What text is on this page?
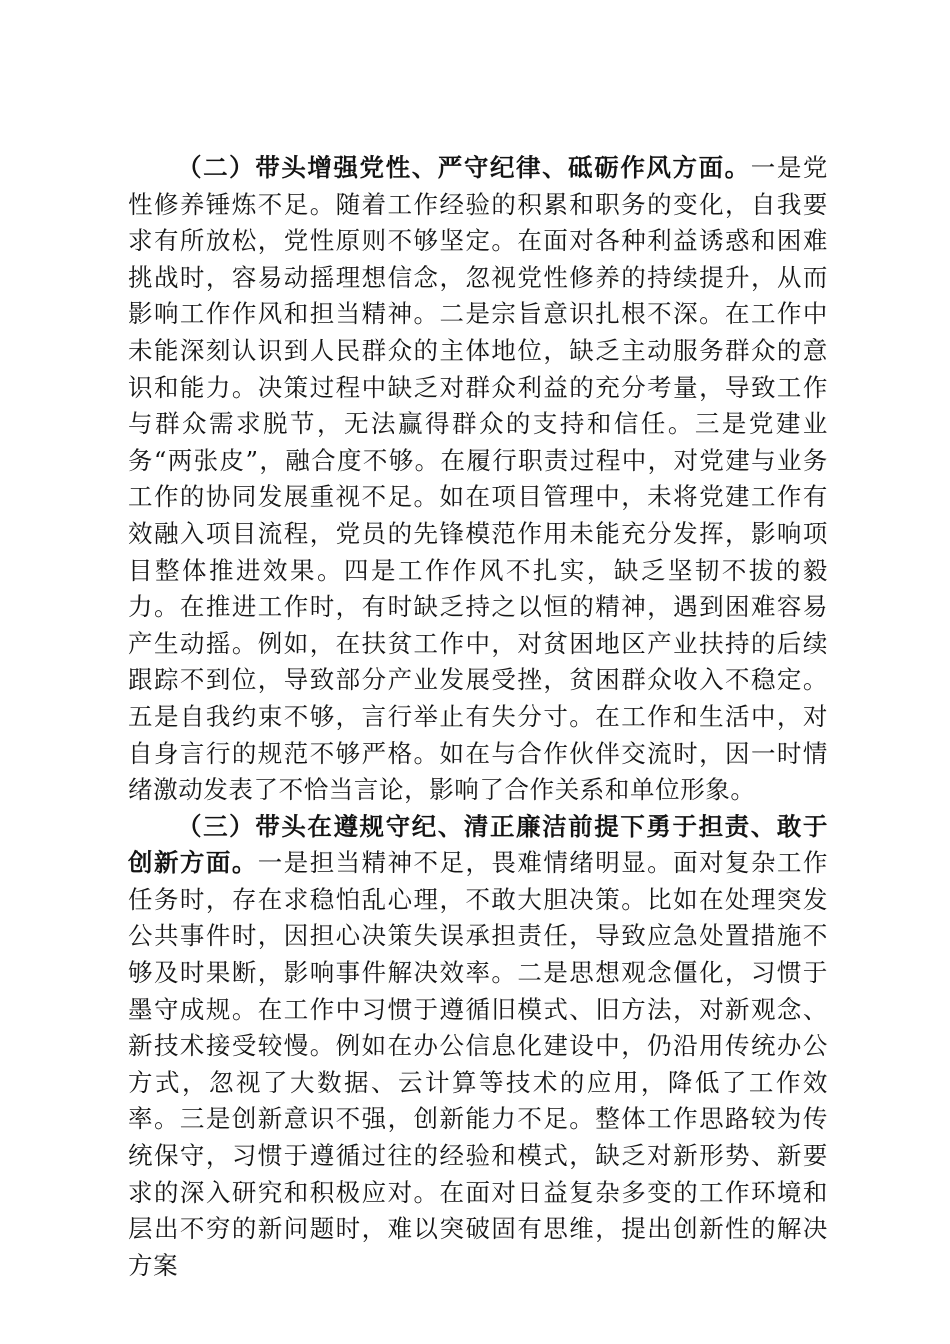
（二）带头增强党性、严守纪律、砥砺作风方面。一是党性修养锤炼不足。随着工作经验的积累和职务的变化，自我要求有所放松，党性原则不够坚定。在面对各种利益诱惑和困难挑战时，容易动摇理想信念，忽视党性修养的持续提升，从而影响工作作风和担当精神。二是宗旨意识扎根不深。在工作中未能深刻认识到人民群众的主体地位，缺乏主动服务群众的意识和能力。决策过程中缺乏对群众利益的充分考量，导致工作与群众需求脱节，无法赢得群众的支持和信任。三是党建业务“两张皮”，融合度不够。在履行职责过程中，对党建与业务工作的协同发展重视不足。如在项目管理中，未将党建工作有效融入项目流程，党员的先锋模范作用未能充分发挥，影响项目整体推进效果。四是工作作风不扎实，缺乏坚韧不拔的毅力。在推进工作时，有时缺乏持之以恒的精神，遇到困难容易产生动摇。例如，在扶贫工作中，对贫困地区产业扶持的后续跟踪不到位，导致部分产业发展受挫，贫困群众收入不稳定。五是自我约束不够，言行举止有失分寸。在工作和生活中，对自身言行的规范不够严格。如在与合作伙伴交流时，因一时情绪激动发表了不恰当言论，影响了合作关系和单位形象。

（三）带头在遵规守纪、清正廉洁前提下勇于担责、敢于创新方面。一是担当精神不足，畏难情绪明显。面对复杂工作任务时，存在求稳怕乱心理，不敢大胆决策。比如在处理突发公共事件时，因担心决策失误承担责任，导致应急处置措施不够及时果断，影响事件解决效率。二是思想观念僵化，习惯于墨守成规。在工作中习惯于遵循旧模式、旧方法，对新观念、新技术接受较慢。例如在办公信息化建设中，仍沿用传统办公方式，忽视了大数据、云计算等技术的应用，降低了工作效率。三是创新意识不强，创新能力不足。整体工作思路较为传统保守，习惯于遵循过往的经验和模式，缺乏对新形势、新要求的深入研究和积极应对。在面对日益复杂多变的工作环境和层出不穷的新问题时，难以突破固有思维，提出创新性的解决方案
